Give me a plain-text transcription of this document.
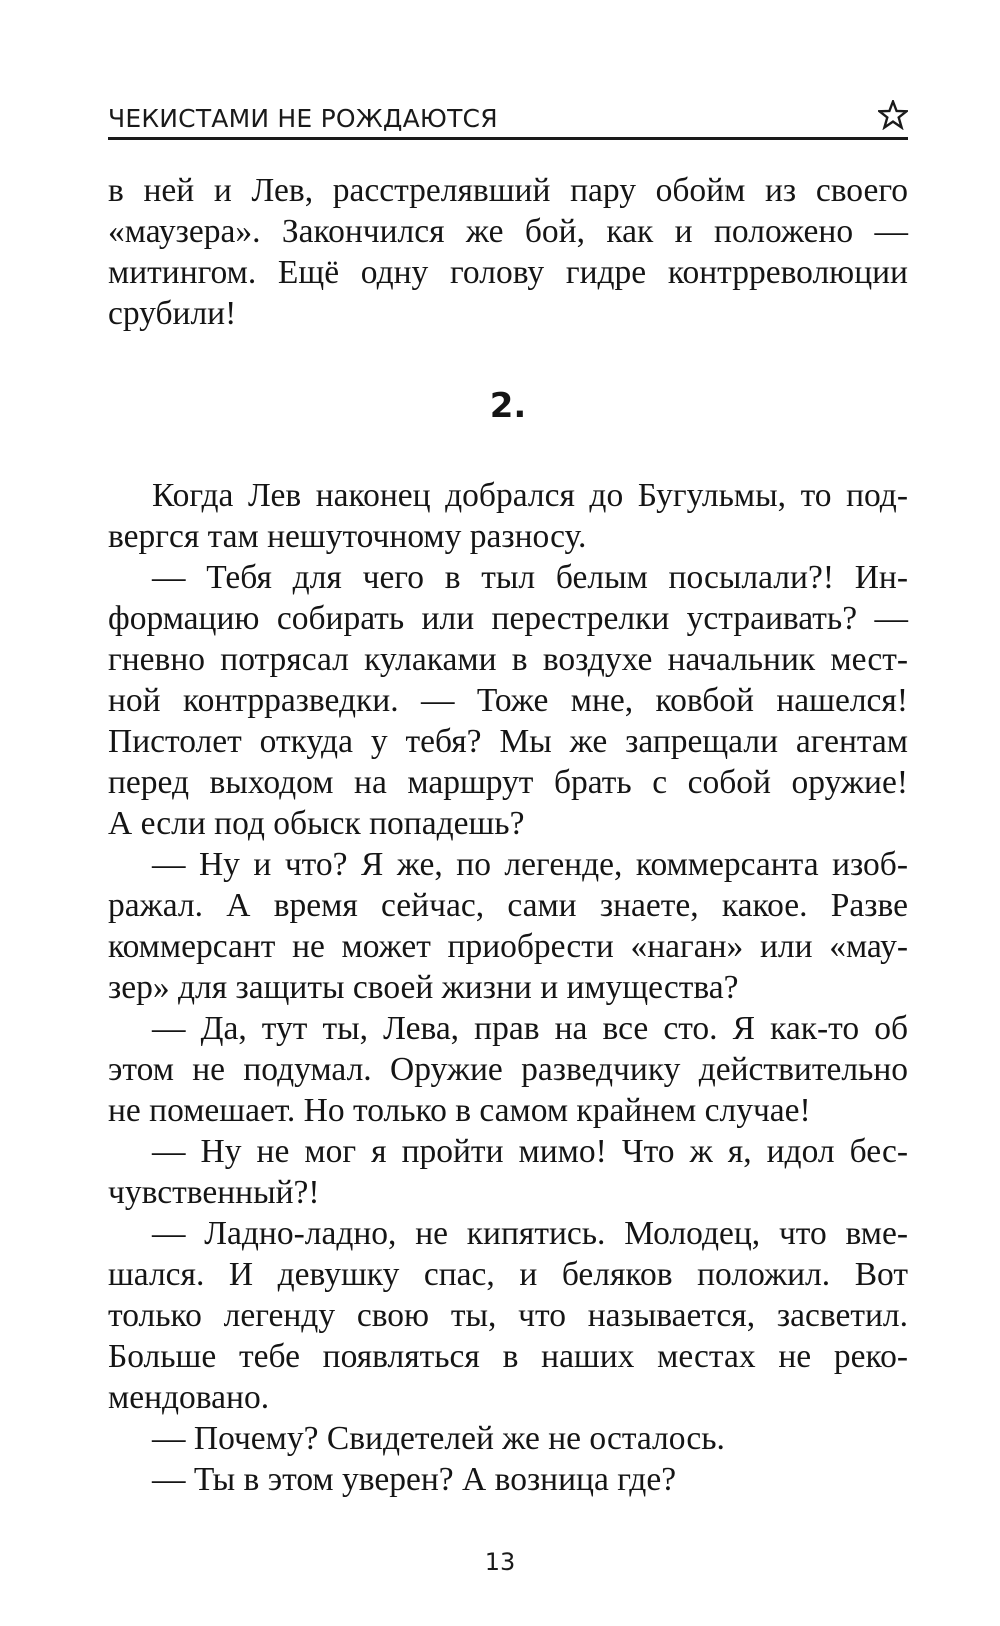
ЧЕКИСТАМИ НЕ РОЖДАЮТСЯ
в ней и Лев, расстрелявший пару обойм из своего
«маузера». Закончился же бой, как и положено —
митингом. Ещё одну голову гидре контрреволюции
срубили!
2.
Когда Лев наконец добрался до Бугульмы, то под-
вергся там нешуточному разносу.
— Тебя для чего в тыл белым посылали?! Ин-
формацию собирать или перестрелки устраивать? —
гневно потрясал кулаками в воздухе начальник мест-
ной контрразведки. — Тоже мне, ковбой нашелся!
Пистолет откуда у тебя? Мы же запрещали агентам
перед выходом на маршрут брать с собой оружие!
А если под обыск попадешь?
— Ну и что? Я же, по легенде, коммерсанта изоб-
ражал. А время сейчас, сами знаете, какое. Разве
коммерсант не может приобрести «наган» или «мау-
зер» для защиты своей жизни и имущества?
— Да, тут ты, Лева, прав на все сто. Я как-то об
этом не подумал. Оружие разведчику действительно
не помешает. Но только в самом крайнем случае!
— Ну не мог я пройти мимо! Что ж я, идол бес-
чувственный?!
— Ладно-ладно, не кипятись. Молодец, что вме-
шался. И девушку спас, и беляков положил. Вот
только легенду свою ты, что называется, засветил.
Больше тебе появляться в наших местах не реко-
мендовано.
— Почему? Свидетелей же не осталось.
— Ты в этом уверен? А возница где?
13
